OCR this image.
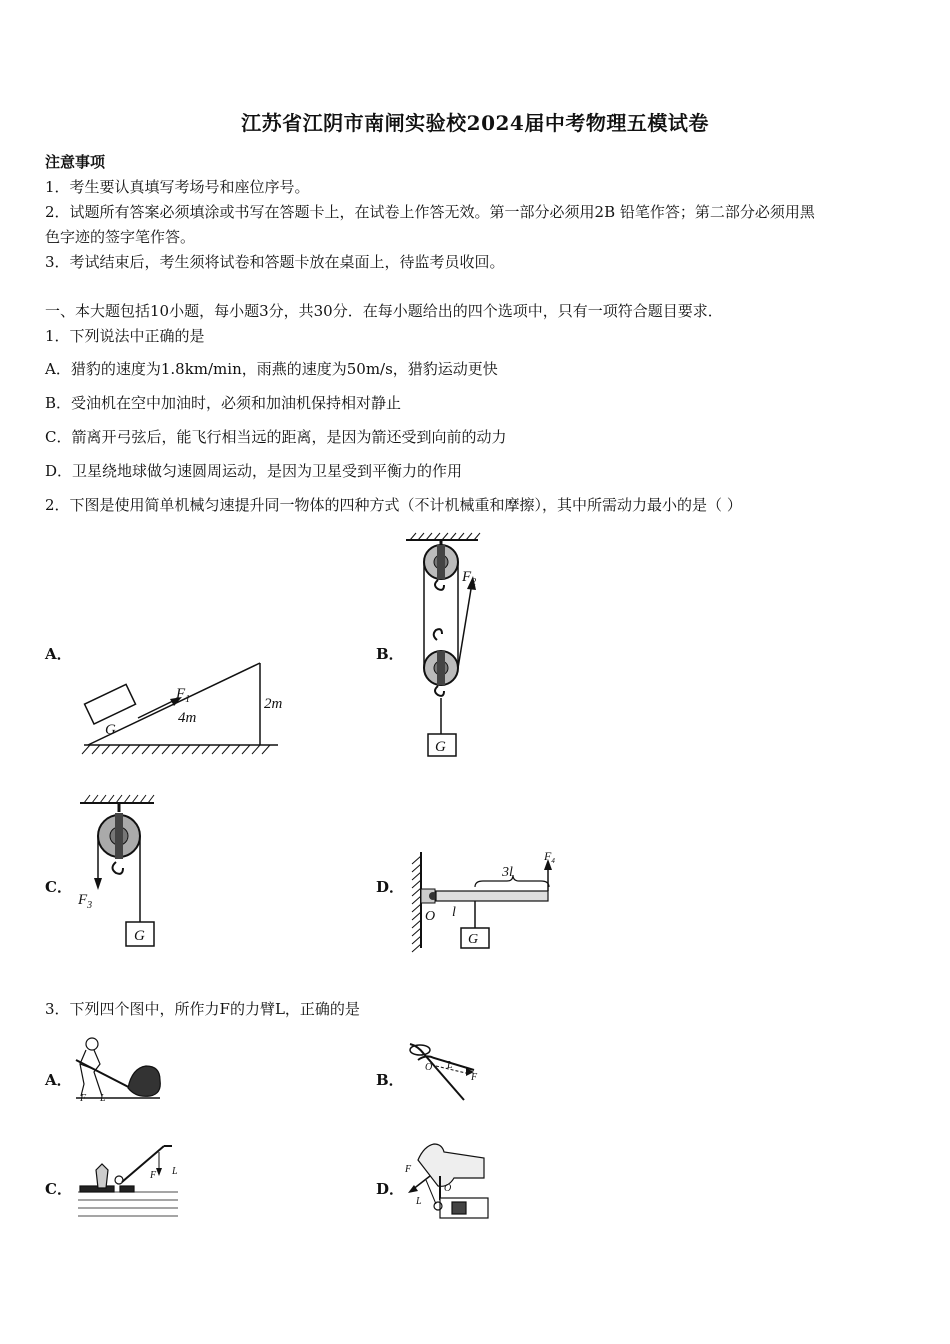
江苏省江阴市南闸实验校2024届中考物理五模试卷
注意事项
1．考生要认真填写考场号和座位序号。
2．试题所有答案必须填涂或书写在答题卡上，在试卷上作答无效。第一部分必须用2B 铅笔作答；第二部分必须用黑
色字迹的签字笔作答。
3．考试结束后，考生须将试卷和答题卡放在桌面上，待监考员收回。
一、本大题包括10小题，每小题3分，共30分．在每小题给出的四个选项中，只有一项符合题目要求．
1．下列说法中正确的是
A．猎豹的速度为1.8km/min，雨燕的速度为50m/s，猎豹运动更快
B．受油机在空中加油时，必须和加油机保持相对静止
C．箭离开弓弦后，能飞行相当远的距离，是因为箭还受到向前的动力
D．卫星绕地球做匀速圆周运动，是因为卫星受到平衡力的作用
2．下图是使用简单机械匀速提升同一物体的四种方式（不计机械重和摩擦），其中所需动力最小的是（ ）
A．	B．
C．	D．
G
$F_1$
4m
2m
$F_2$
G
$F_3$
G
$F_4$
3l
O l
G
3．下列四个图中，所作力F的力臂L，正确的是
A．	B．
C．	D．
F L
O L
F
F L	F
L
O
